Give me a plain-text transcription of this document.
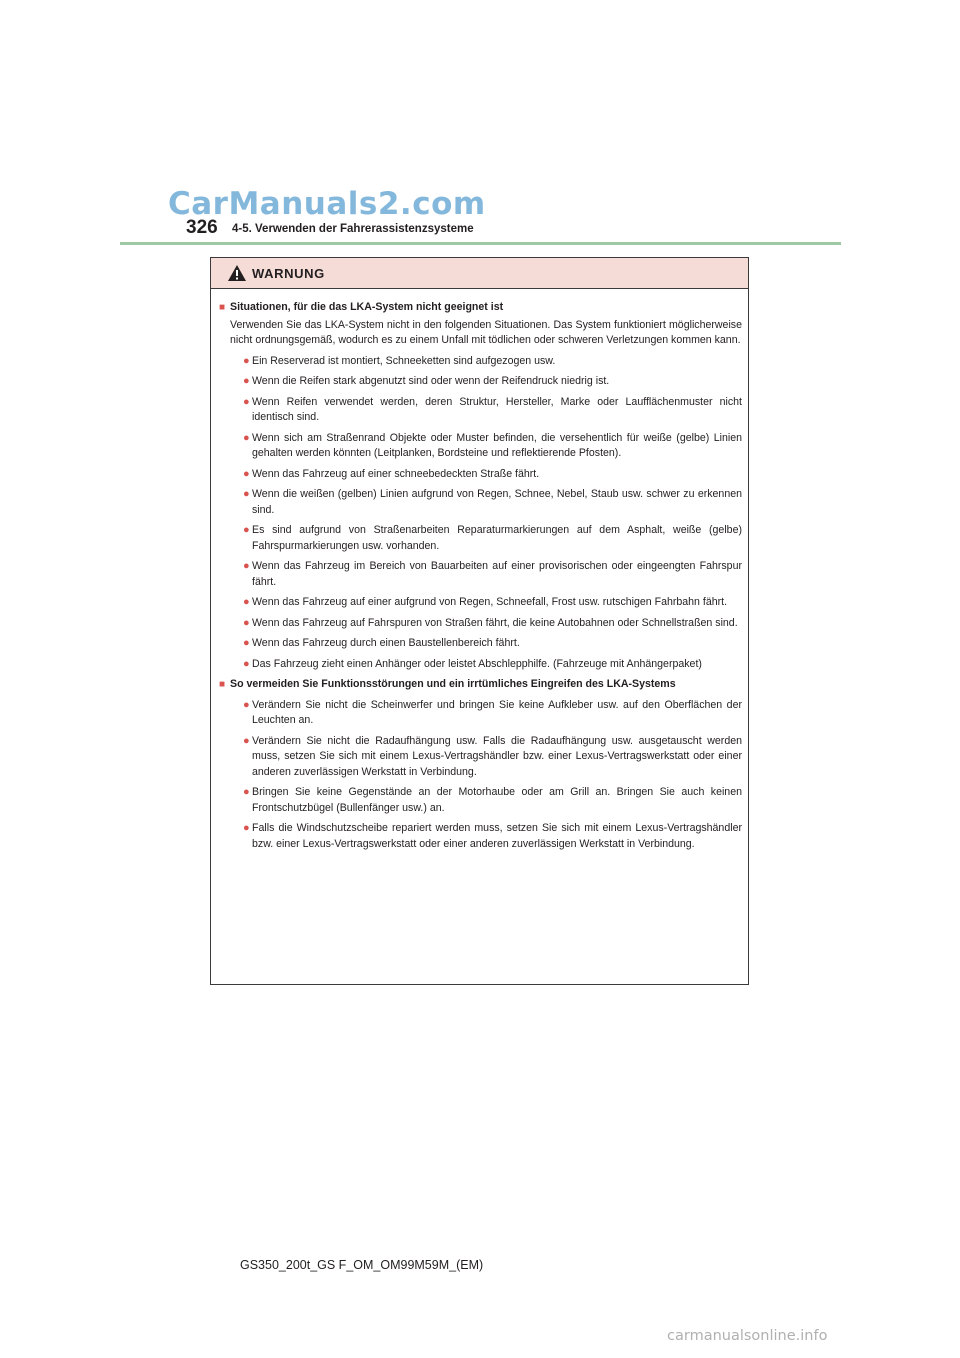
CarManuals2.com
326 4-5. Verwenden der Fahrerassistenzsysteme
WARNUNG
■ Situationen, für die das LKA-System nicht geeignet ist
Verwenden Sie das LKA-System nicht in den folgenden Situationen. Das System funktioniert möglicherweise nicht ordnungsgemäß, wodurch es zu einem Unfall mit tödlichen oder schweren Verletzungen kommen kann.
● Ein Reserverad ist montiert, Schneeketten sind aufgezogen usw.
● Wenn die Reifen stark abgenutzt sind oder wenn der Reifendruck niedrig ist.
● Wenn Reifen verwendet werden, deren Struktur, Hersteller, Marke oder Laufflächenmuster nicht identisch sind.
● Wenn sich am Straßenrand Objekte oder Muster befinden, die versehentlich für weiße (gelbe) Linien gehalten werden könnten (Leitplanken, Bordsteine und reflektierende Pfosten).
● Wenn das Fahrzeug auf einer schneebedeckten Straße fährt.
● Wenn die weißen (gelben) Linien aufgrund von Regen, Schnee, Nebel, Staub usw. schwer zu erkennen sind.
● Es sind aufgrund von Straßenarbeiten Reparaturmarkierungen auf dem Asphalt, weiße (gelbe) Fahrspurmarkierungen usw. vorhanden.
● Wenn das Fahrzeug im Bereich von Bauarbeiten auf einer provisorischen oder eingeengten Fahrspur fährt.
● Wenn das Fahrzeug auf einer aufgrund von Regen, Schneefall, Frost usw. rutschigen Fahrbahn fährt.
● Wenn das Fahrzeug auf Fahrspuren von Straßen fährt, die keine Autobahnen oder Schnellstraßen sind.
● Wenn das Fahrzeug durch einen Baustellenbereich fährt.
● Das Fahrzeug zieht einen Anhänger oder leistet Abschlepphilfe. (Fahrzeuge mit Anhängerpaket)
■ So vermeiden Sie Funktionsstörungen und ein irrtümliches Eingreifen des LKA-Systems
● Verändern Sie nicht die Scheinwerfer und bringen Sie keine Aufkleber usw. auf den Oberflächen der Leuchten an.
● Verändern Sie nicht die Radaufhängung usw. Falls die Radaufhängung usw. ausgetauscht werden muss, setzen Sie sich mit einem Lexus-Vertragshändler bzw. einer Lexus-Vertragswerkstatt oder einer anderen zuverlässigen Werkstatt in Verbindung.
● Bringen Sie keine Gegenstände an der Motorhaube oder am Grill an. Bringen Sie auch keinen Frontschutzbügel (Bullenfänger usw.) an.
● Falls die Windschutzscheibe repariert werden muss, setzen Sie sich mit einem Lexus-Vertragshändler bzw. einer Lexus-Vertragswerkstatt oder einer anderen zuverlässigen Werkstatt in Verbindung.
GS350_200t_GS F_OM_OM99M59M_(EM)
carmanualsonline.info
